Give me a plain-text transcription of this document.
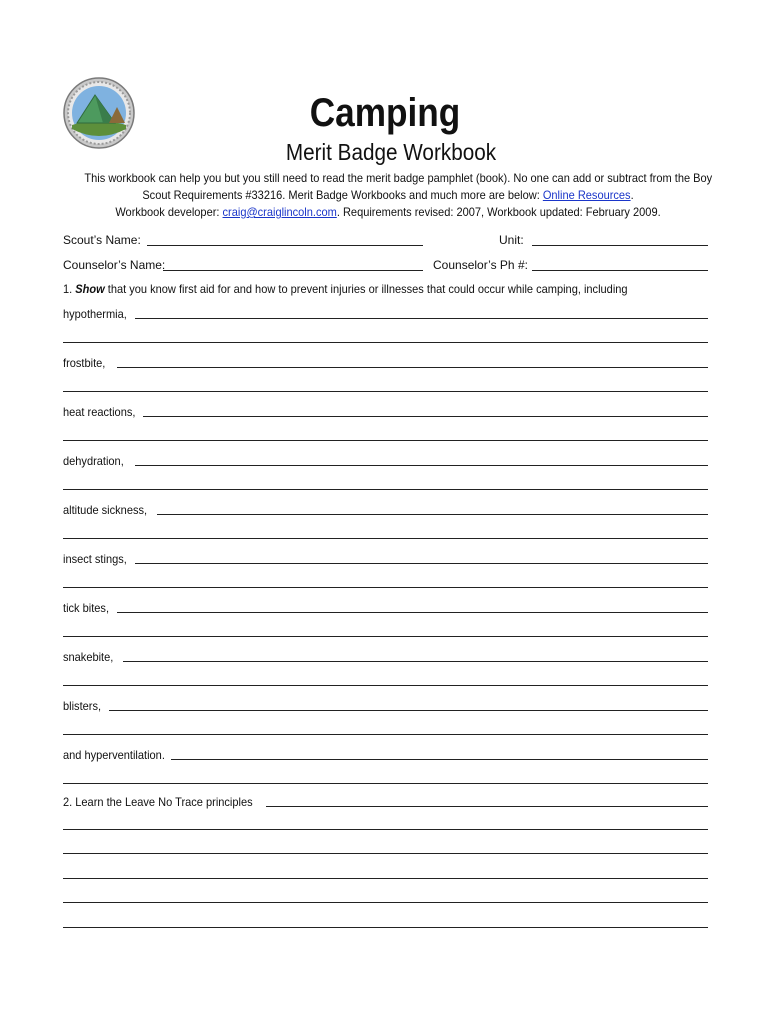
Camping
Merit Badge Workbook
This workbook can help you but you still need to read the merit badge pamphlet (book). No one can add or subtract from the Boy
Scout Requirements #33216. Merit Badge Workbooks and much more are below: Online Resources.
Workbook developer: craig@craiglincoln.com. Requirements revised: 2007, Workbook updated: February 2009.
Scout’s Name:	Unit:
Counselor’s Name:	Counselor’s Ph #:
1. Show that you know first aid for and how to prevent injuries or illnesses that could occur while camping, including
hypothermia,
frostbite,
heat reactions,
dehydration,
altitude sickness,
insect stings,
tick bites,
snakebite,
blisters,
and hyperventilation.
2. Learn the Leave No Trace principles
